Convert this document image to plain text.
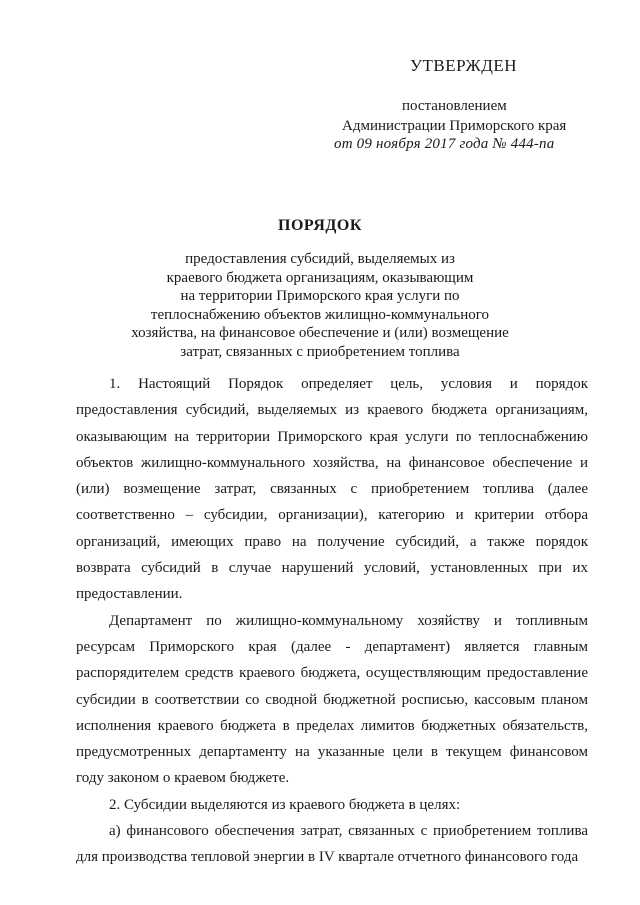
УТВЕРЖДЕН
постановлением
Администрации Приморского края
от 09 ноября 2017 года № 444-па
ПОРЯДОК
предоставления субсидий, выделяемых из
краевого бюджета организациям, оказывающим
на территории Приморского края услуги по
теплоснабжению объектов жилищно-коммунального
хозяйства, на финансовое обеспечение и (или) возмещение
затрат, связанных с приобретением топлива

1. Настоящий Порядок определяет цель, условия и порядок предоставления субсидий, выделяемых из краевого бюджета организациям, оказывающим на территории Приморского края услуги по теплоснабжению объектов жилищно-коммунального хозяйства, на финансовое обеспечение и (или) возмещение затрат, связанных с приобретением топлива (далее соответственно – субсидии, организации), категорию и критерии отбора организаций, имеющих право на получение субсидий, а также порядок возврата субсидий в случае нарушений условий, установленных при их предоставлении.

Департамент по жилищно-коммунальному хозяйству и топливным ресурсам Приморского края (далее - департамент) является главным распорядителем средств краевого бюджета, осуществляющим предоставление субсидии в соответствии со сводной бюджетной росписью, кассовым планом исполнения краевого бюджета в пределах лимитов бюджетных обязательств, предусмотренных департаменту на указанные цели в текущем финансовом году законом о краевом бюджете.

2. Субсидии выделяются из краевого бюджета в целях:

а) финансового обеспечения затрат, связанных с приобретением топлива для производства тепловой энергии в IV квартале отчетного финансового года
